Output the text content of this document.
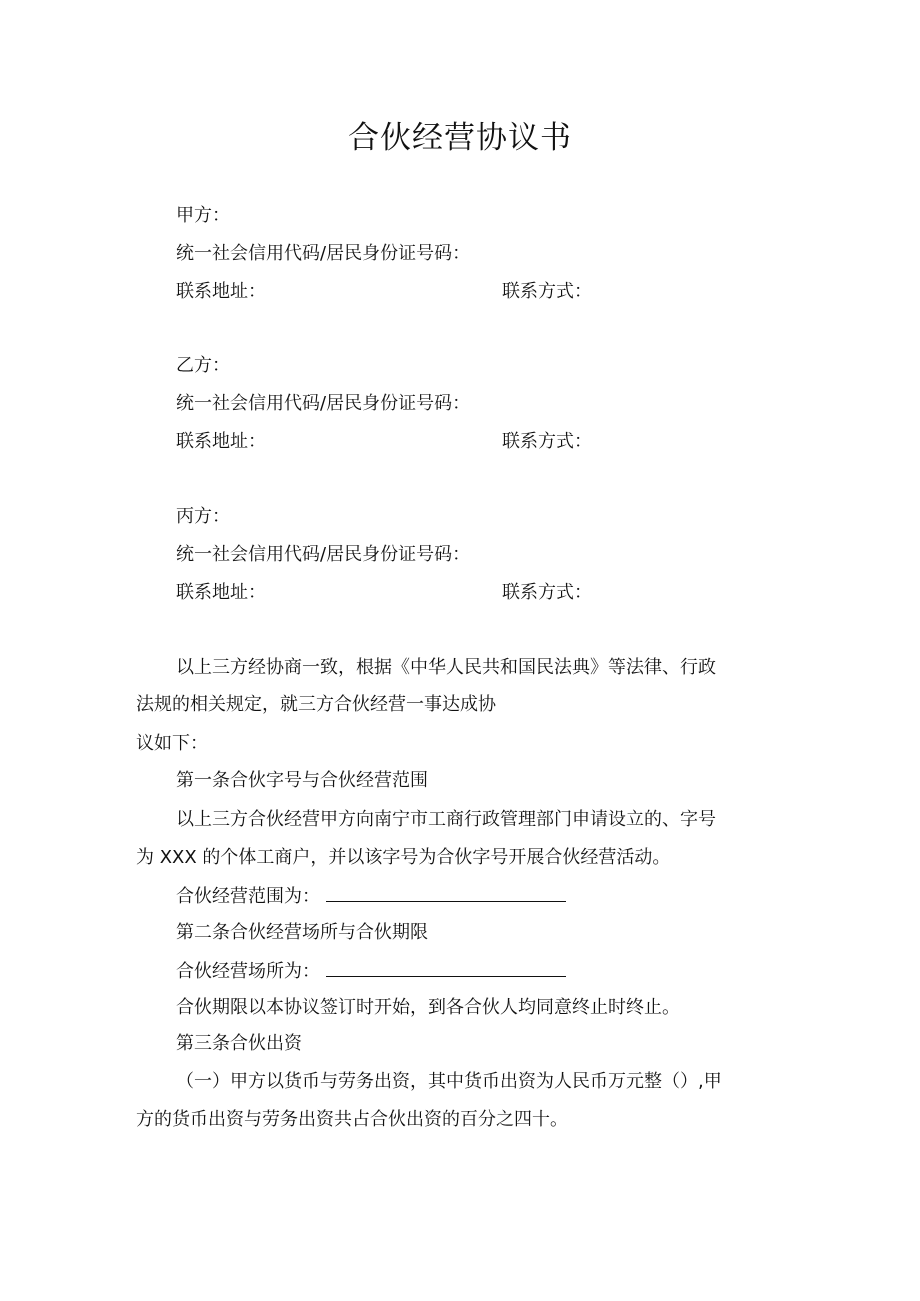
合伙经营协议书
甲方：
统一社会信用代码/居民身份证号码：
联系地址：	联系方式：
乙方：
统一社会信用代码/居民身份证号码：
联系地址：	联系方式：
丙方：
统一社会信用代码/居民身份证号码：
联系地址：	联系方式：
以上三方经协商一致，根据《中华人民共和国民法典》等法律、行政
法规的相关规定，就三方合伙经营一事达成协
议如下：
第一条合伙字号与合伙经营范围
以上三方合伙经营甲方向南宁市工商行政管理部门申请设立的、字号
为 XXX 的个体工商户，并以该字号为合伙字号开展合伙经营活动。
合伙经营范围为：
第二条合伙经营场所与合伙期限
合伙经营场所为：
合伙期限以本协议签订时开始，到各合伙人均同意终止时终止。
第三条合伙出资
（一）甲方以货币与劳务出资，其中货币出资为人民币万元整（）,甲
方的货币出资与劳务出资共占合伙出资的百分之四十。
